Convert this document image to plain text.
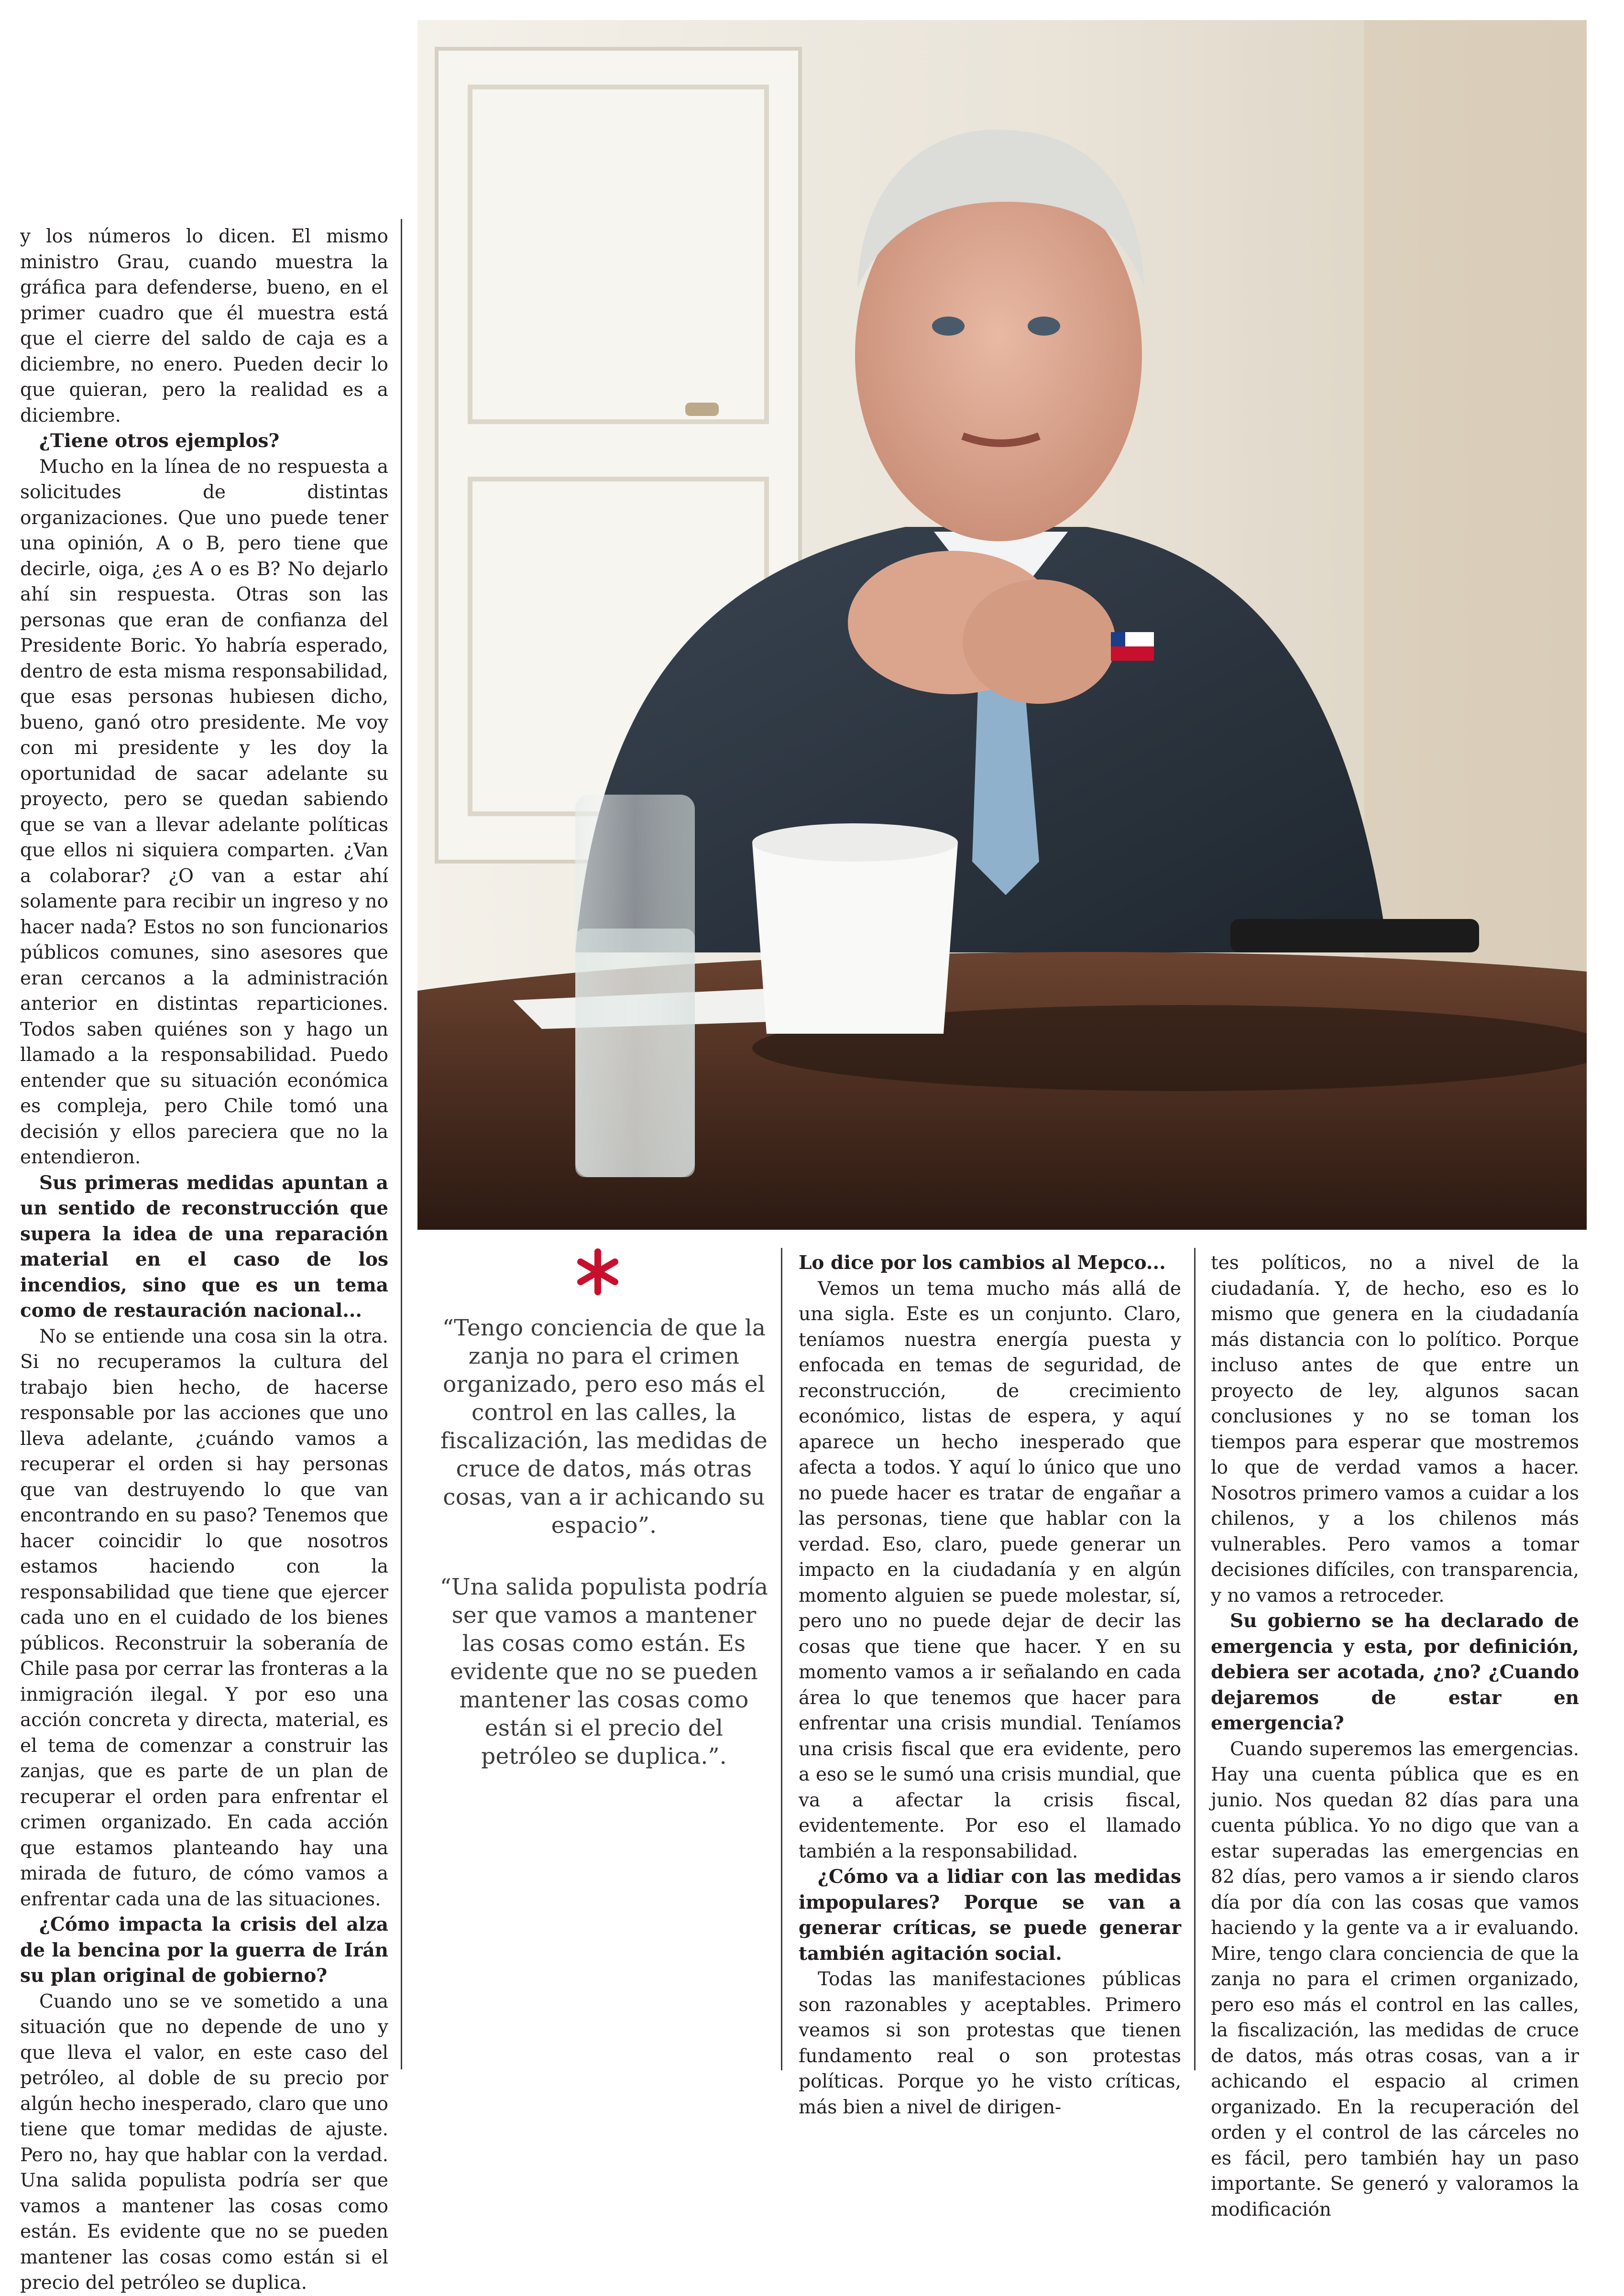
y los números lo dicen. El mismo ministro Grau, cuando muestra la gráfica para defenderse, bueno, en el primer cuadro que él muestra está que el cierre del saldo de caja es a diciembre, no enero. Pueden decir lo que quieran, pero la realidad es a diciembre.

¿Tiene otros ejemplos?

Mucho en la línea de no respuesta a solicitudes de distintas organizaciones. Que uno puede tener una opinión, A o B, pero tiene que decirle, oiga, ¿es A o es B? No dejarlo ahí sin respuesta. Otras son las personas que eran de confianza del Presidente Boric. Yo habría esperado, dentro de esta misma responsabilidad, que esas personas hubiesen dicho, bueno, ganó otro presidente. Me voy con mi presidente y les doy la oportunidad de sacar adelante su proyecto, pero se quedan sabiendo que se van a llevar adelante políticas que ellos ni siquiera comparten. ¿Van a colaborar? ¿O van a estar ahí solamente para recibir un ingreso y no hacer nada? Estos no son funcionarios públicos comunes, sino asesores que eran cercanos a la administración anterior en distintas reparticiones. Todos saben quiénes son y hago un llamado a la responsabilidad. Puedo entender que su situación económica es compleja, pero Chile tomó una decisión y ellos pareciera que no la entendieron.

Sus primeras medidas apuntan a un sentido de reconstrucción que supera la idea de una reparación material en el caso de los incendios, sino que es un tema como de restauración nacional...

No se entiende una cosa sin la otra. Si no recuperamos la cultura del trabajo bien hecho, de hacerse responsable por las acciones que uno lleva adelante, ¿cuándo vamos a recuperar el orden si hay personas que van destruyendo lo que van encontrando en su paso? Tenemos que hacer coincidir lo que nosotros estamos haciendo con la responsabilidad que tiene que ejercer cada uno en el cuidado de los bienes públicos. Reconstruir la soberanía de Chile pasa por cerrar las fronteras a la inmigración ilegal. Y por eso una acción concreta y directa, material, es el tema de comenzar a construir las zanjas, que es parte de un plan de recuperar el orden para enfrentar el crimen organizado. En cada acción que estamos planteando hay una mirada de futuro, de cómo vamos a enfrentar cada una de las situaciones.

¿Cómo impacta la crisis del alza de la bencina por la guerra de Irán su plan original de gobierno?

Cuando uno se ve sometido a una situación que no depende de uno y que lleva el valor, en este caso del petróleo, al doble de su precio por algún hecho inesperado, claro que uno tiene que tomar medidas de ajuste. Pero no, hay que hablar con la verdad. Una salida populista podría ser que vamos a mantener las cosas como están. Es evidente que no se pueden mantener las cosas como están si el precio del petróleo se duplica.

“Tengo conciencia de que la zanja no para el crimen organizado, pero eso más el control en las calles, la fiscalización, las medidas de cruce de datos, más otras cosas, van a ir achicando su espacio”.
“Una salida populista podría ser que vamos a mantener las cosas como están. Es evidente que no se pueden mantener las cosas como están si el precio del petróleo se duplica.”.

Lo dice por los cambios al Mepco...

Vemos un tema mucho más allá de una sigla. Este es un conjunto. Claro, teníamos nuestra energía puesta y enfocada en temas de seguridad, de reconstrucción, de crecimiento económico, listas de espera, y aquí aparece un hecho inesperado que afecta a todos. Y aquí lo único que uno no puede hacer es tratar de engañar a las personas, tiene que hablar con la verdad. Eso, claro, puede generar un impacto en la ciudadanía y en algún momento alguien se puede molestar, sí, pero uno no puede dejar de decir las cosas que tiene que hacer. Y en su momento vamos a ir señalando en cada área lo que tenemos que hacer para enfrentar una crisis mundial. Teníamos una crisis fiscal que era evidente, pero a eso se le sumó una crisis mundial, que va a afectar la crisis fiscal, evidentemente. Por eso el llamado también a la responsabilidad.

¿Cómo va a lidiar con las medidas impopulares? Porque se van a generar críticas, se puede generar también agitación social.

Todas las manifestaciones públicas son razonables y aceptables. Primero veamos si son protestas que tienen fundamento real o son protestas políticas. Porque yo he visto críticas, más bien a nivel de dirigen-

tes políticos, no a nivel de la ciudadanía. Y, de hecho, eso es lo mismo que genera en la ciudadanía más distancia con lo político. Porque incluso antes de que entre un proyecto de ley, algunos sacan conclusiones y no se toman los tiempos para esperar que mostremos lo que de verdad vamos a hacer. Nosotros primero vamos a cuidar a los chilenos, y a los chilenos más vulnerables. Pero vamos a tomar decisiones difíciles, con transparencia, y no vamos a retroceder.

Su gobierno se ha declarado de emergencia y esta, por definición, debiera ser acotada, ¿no? ¿Cuando dejaremos de estar en emergencia?

Cuando superemos las emergencias. Hay una cuenta pública que es en junio. Nos quedan 82 días para una cuenta pública. Yo no digo que van a estar superadas las emergencias en 82 días, pero vamos a ir siendo claros día por día con las cosas que vamos haciendo y la gente va a ir evaluando. Mire, tengo clara conciencia de que la zanja no para el crimen organizado, pero eso más el control en las calles, la fiscalización, las medidas de cruce de datos, más otras cosas, van a ir achicando el espacio al crimen organizado. En la recuperación del orden y el control de las cárceles no es fácil, pero también hay un paso importante. Se generó y valoramos la modificación
